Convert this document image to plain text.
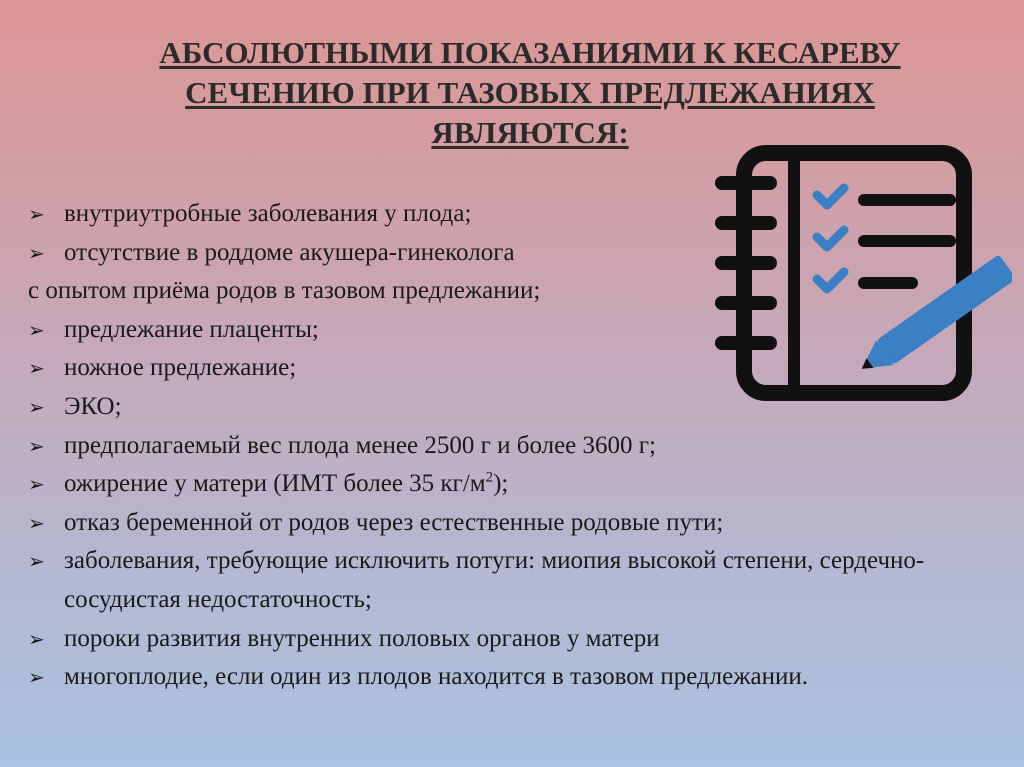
АБСОЛЮТНЫМИ ПОКАЗАНИЯМИ К КЕСАРЕВУ
СЕЧЕНИЮ ПРИ ТАЗОВЫХ ПРЕДЛЕЖАНИЯХ
ЯВЛЯЮТСЯ:
➢ внутриутробные заболевания у плода;
➢ отсутствие в роддоме акушера-гинеколога
с опытом приёма родов в тазовом предлежании;
➢ предлежание плаценты;
➢ ножное предлежание;
➢ ЭКО;
➢ предполагаемый вес плода менее 2500 г и более 3600 г;
➢ ожирение у матери (ИМТ более 35 $кг/м^2$);
➢ отказ беременной от родов через естественные родовые пути;
➢ заболевания, требующие исключить потуги: миопия высокой степени, сердечно-сосудистая недостаточность;
➢ пороки развития внутренних половых органов у матери
➢ многоплодие, если один из плодов находится в тазовом предлежании.
